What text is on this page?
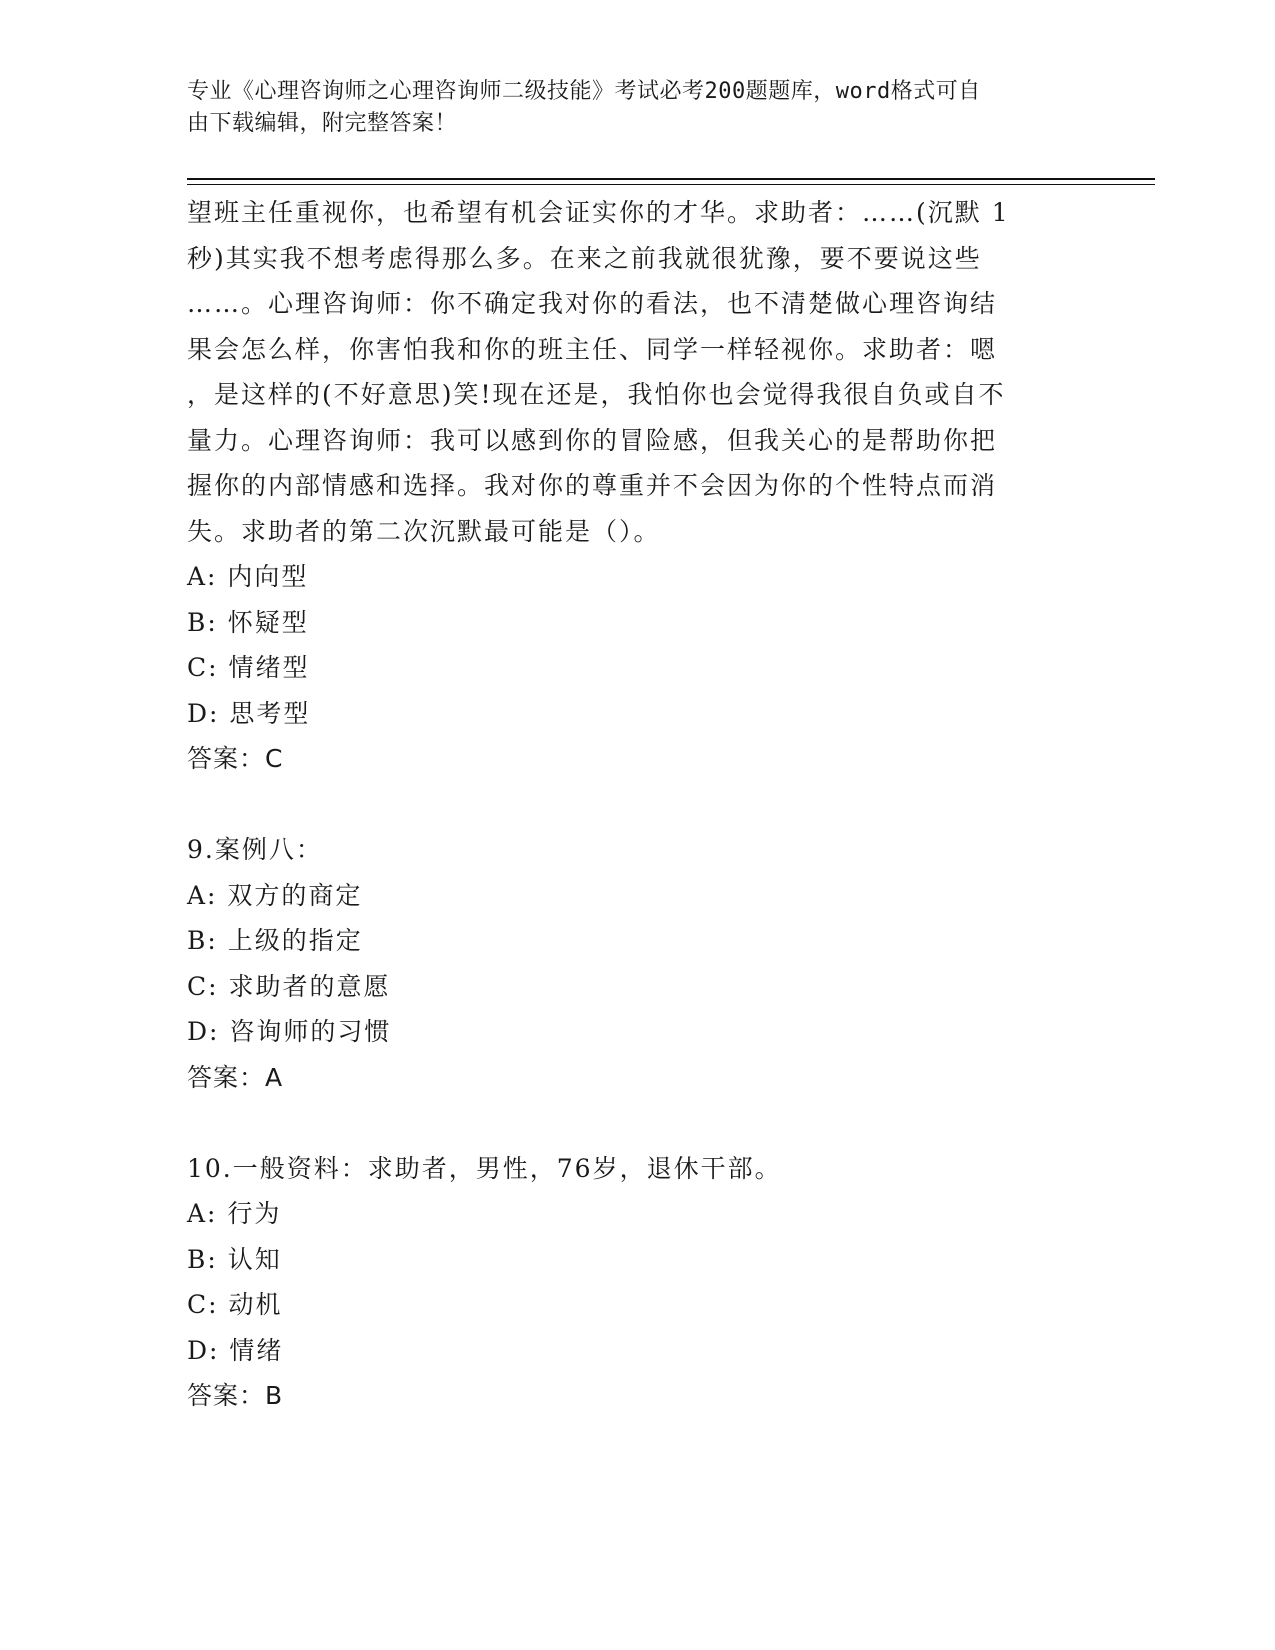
专业《心理咨询师之心理咨询师二级技能》考试必考200题题库，word格式可自
由下载编辑，附完整答案！

望班主任重视你，也希望有机会证实你的才华。求助者：……(沉默 1

秒)其实我不想考虑得那么多。在来之前我就很犹豫，要不要说这些

……。心理咨询师：你不确定我对你的看法，也不清楚做心理咨询结

果会怎么样，你害怕我和你的班主任、同学一样轻视你。求助者：嗯

，是这样的(不好意思)笑!现在还是，我怕你也会觉得我很自负或自不

量力。心理咨询师：我可以感到你的冒险感，但我关心的是帮助你把

握你的内部情感和选择。我对你的尊重并不会因为你的个性特点而消

失。求助者的第二次沉默最可能是（）。

A: 内向型

B: 怀疑型

C: 情绪型

D: 思考型

答案：C

9.案例八：

A: 双方的商定

B: 上级的指定

C: 求助者的意愿

D: 咨询师的习惯

答案：A

10.一般资料：求助者，男性，76岁，退休干部。

A: 行为

B: 认知

C: 动机

D: 情绪

答案：B
